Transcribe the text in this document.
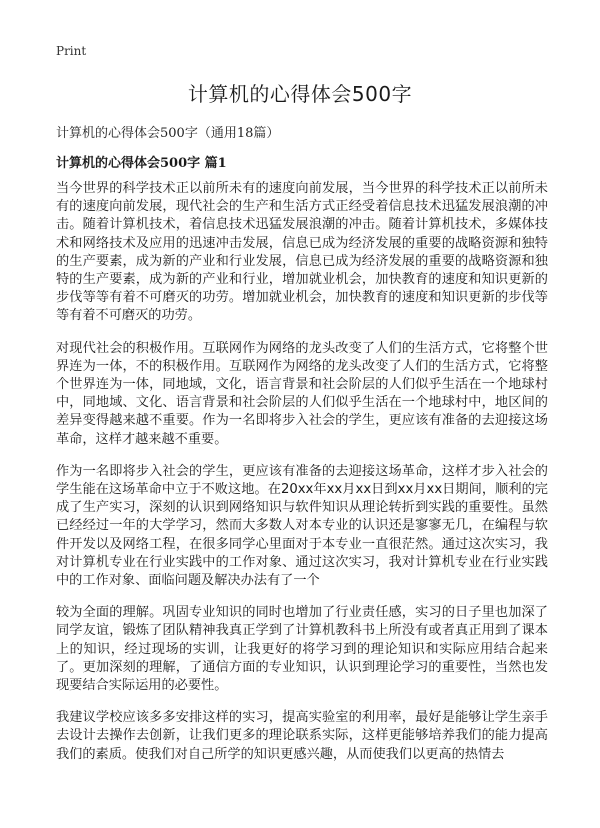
Print
计算机的心得体会500字
计算机的心得体会500字（通用18篇）
计算机的心得体会500字 篇1

当今世界的科学技术正以前所未有的速度向前发展，当今世界的科学技术正以前所未有的速度向前发展，现代社会的生产和生活方式正经受着信息技术迅猛发展浪潮的冲击。随着计算机技术，着信息技术迅猛发展浪潮的冲击。随着计算机技术，多媒体技术和网络技术及应用的迅速冲击发展，信息已成为经济发展的重要的战略资源和独特的生产要素，成为新的产业和行业发展，信息已成为经济发展的重要的战略资源和独特的生产要素，成为新的产业和行业，增加就业机会，加快教育的速度和知识更新的步伐等等有着不可磨灭的功劳。增加就业机会，加快教育的速度和知识更新的步伐等等有着不可磨灭的功劳。

对现代社会的积极作用。互联网作为网络的龙头改变了人们的生活方式，它将整个世界连为一体，不的积极作用。互联网作为网络的龙头改变了人们的生活方式，它将整个世界连为一体，同地域，文化，语言背景和社会阶层的人们似乎生活在一个地球村中，同地域、文化、语言背景和社会阶层的人们似乎生活在一个地球村中，地区间的差异变得越来越不重要。作为一名即将步入社会的学生，更应该有准备的去迎接这场革命，这样才越来越不重要。

作为一名即将步入社会的学生，更应该有准备的去迎接这场革命，这样才步入社会的学生能在这场革命中立于不败这地。在20xx年xx月xx日到xx月xx日期间，顺利的完成了生产实习，深刻的认识到网络知识与软件知识从理论转折到实践的重要性。虽然已经经过一年的大学学习，然而大多数人对本专业的认识还是寥寥无几，在编程与软件开发以及网络工程，在很多同学心里面对于本专业一直很茫然。通过这次实习，我对计算机专业在行业实践中的工作对象、通过这次实习，我对计算机专业在行业实践中的工作对象、面临问题及解决办法有了一个

较为全面的理解。巩固专业知识的同时也增加了行业责任感，实习的日子里也加深了同学友谊，锻炼了团队精神我真正学到了计算机教科书上所没有或者真正用到了课本上的知识，经过现场的实训，让我更好的将学习到的理论知识和实际应用结合起来了。更加深刻的理解，了通信方面的专业知识，认识到理论学习的重要性，当然也发现要结合实际运用的必要性。

我建议学校应该多多安排这样的实习，提高实验室的利用率，最好是能够让学生亲手去设计去操作去创新，让我们更多的理论联系实际，这样更能够培养我们的能力提高我们的素质。使我们对自己所学的知识更感兴趣，从而使我们以更高的热情去
